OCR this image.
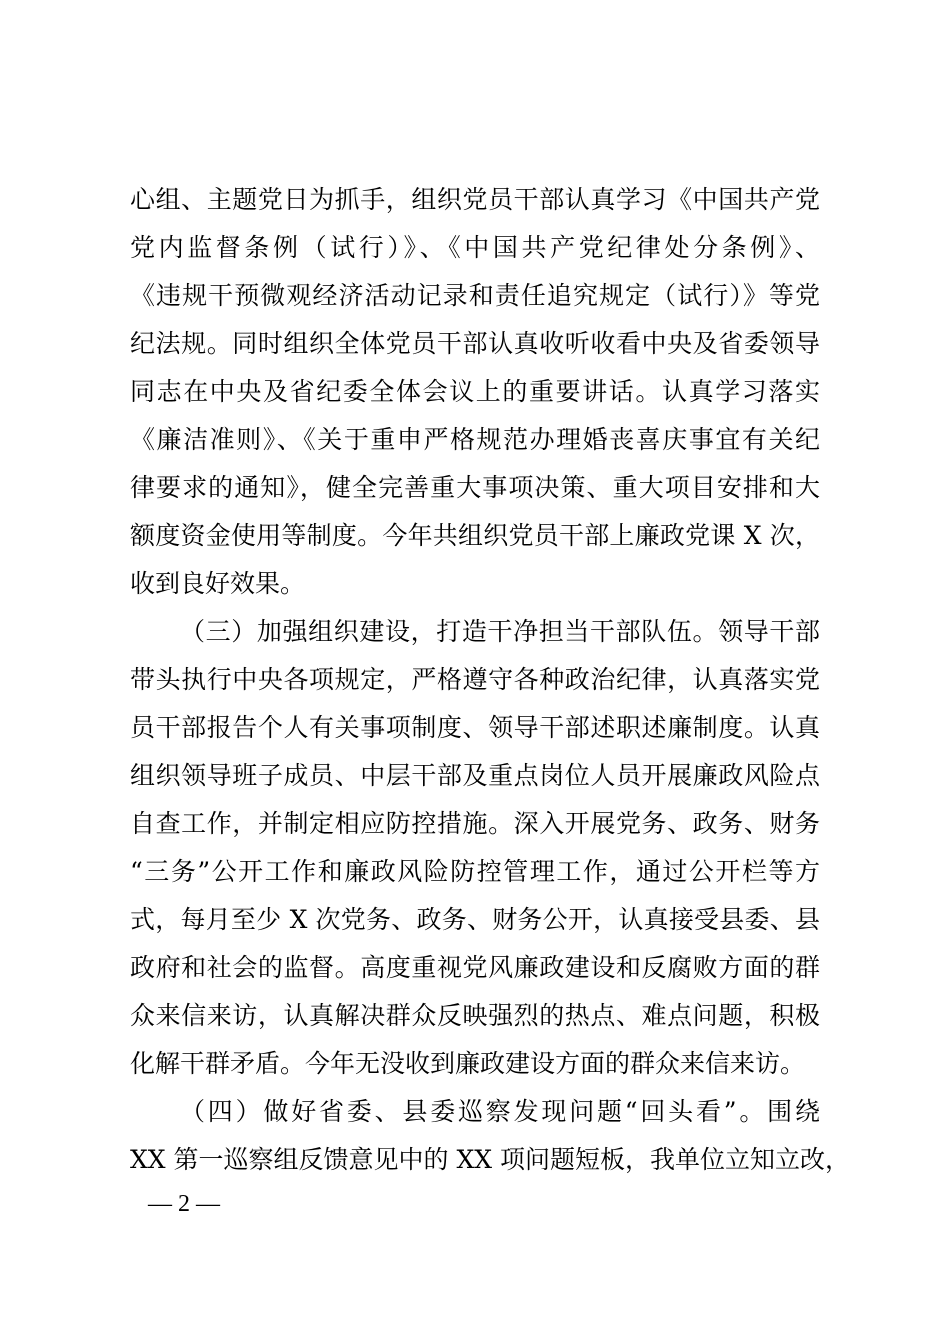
心组、主题党日为抓手，组织党员干部认真学习《中国共产党
党内监督条例（试行）》、《中国共产党纪律处分条例》、
《违规干预微观经济活动记录和责任追究规定（试行）》等党
纪法规。同时组织全体党员干部认真收听收看中央及省委领导
同志在中央及省纪委全体会议上的重要讲话。认真学习落实
《廉洁准则》、《关于重申严格规范办理婚丧喜庆事宜有关纪
律要求的通知》，健全完善重大事项决策、重大项目安排和大
额度资金使用等制度。今年共组织党员干部上廉政党课 X 次，
收到良好效果。
（三）加强组织建设，打造干净担当干部队伍。领导干部
带头执行中央各项规定，严格遵守各种政治纪律，认真落实党
员干部报告个人有关事项制度、领导干部述职述廉制度。认真
组织领导班子成员、中层干部及重点岗位人员开展廉政风险点
自查工作，并制定相应防控措施。深入开展党务、政务、财务
“三务”公开工作和廉政风险防控管理工作，通过公开栏等方
式，每月至少 X 次党务、政务、财务公开，认真接受县委、县
政府和社会的监督。高度重视党风廉政建设和反腐败方面的群
众来信来访，认真解决群众反映强烈的热点、难点问题，积极
化解干群矛盾。今年无没收到廉政建设方面的群众来信来访。
（四）做好省委、县委巡察发现问题“回头看”。围绕
XX 第一巡察组反馈意见中的 XX 项问题短板，我单位立知立改，
— 2 —
